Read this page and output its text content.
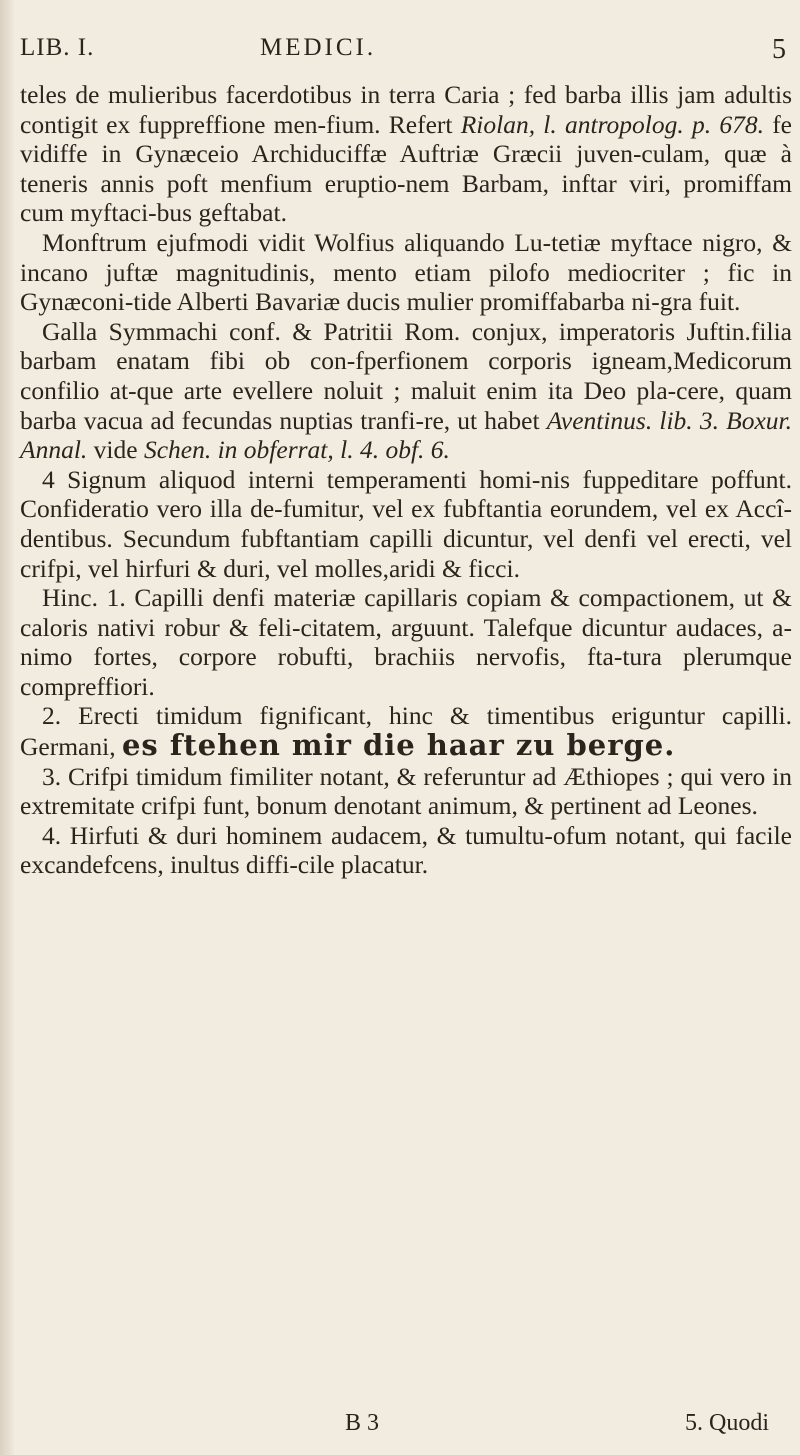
LIB. I.	MEDICI.	5

teles de mulieribus facerdotibus in terra Caria ; fed barba illis jam adultis contigit ex fuppreffione men-fium. Refert Riolan, l. antropolog. p. 678. fe vidiffe in Gynæceio Archiduciffæ Auftriæ Græcii juven-culam, quæ à teneris annis poft menfium eruptio-nem Barbam, inftar viri, promiffam cum myftaci-bus geftabat.

Monftrum ejufmodi vidit Wolfius aliquando Lu-tetiæ myftace nigro, & incano juftæ magnitudinis, mento etiam pilofo mediocriter ; fic in Gynæconi-tide Alberti Bavariæ ducis mulier promiffabarba ni-gra fuit.

Galla Symmachi conf. & Patritii Rom. conjux, imperatoris Juftin.filia barbam enatam fibi ob con-fperfionem corporis igneam,Medicorum confilio at-que arte evellere noluit ; maluit enim ita Deo pla-cere, quam barba vacua ad fecundas nuptias tranfi-re, ut habet Aventinus. lib. 3. Boxur. Annal. vide Schen. in obferrat, l. 4. obf. 6.

4 Signum aliquod interni temperamenti homi-nis fuppeditare poffunt. Confideratio vero illa de-fumitur, vel ex fubftantia eorundem, vel ex Accî-dentibus. Secundum fubftantiam capilli dicuntur, vel denfi vel erecti, vel crifpi, vel hirfuri & duri, vel molles,aridi & ficci.

Hinc. 1. Capilli denfi materiæ capillaris copiam & compactionem, ut & caloris nativi robur & feli-citatem, arguunt. Talefque dicuntur audaces, a-nimo fortes, corpore robufti, brachiis nervofis, fta-tura plerumque compreffiori.

2. Erecti timidum fignificant, hinc & timentibus eriguntur capilli. Germani, es ftehen mir die haar zu berge.

3. Crifpi timidum fimiliter notant, & referuntur ad Æthiopes ; qui vero in extremitate crifpi funt, bonum denotant animum, & pertinent ad Leones.

4. Hirfuti & duri hominem audacem, & tumultu-ofum notant, qui facile excandefcens, inultus diffi-cile placatur.

B 3	5. Quodi
